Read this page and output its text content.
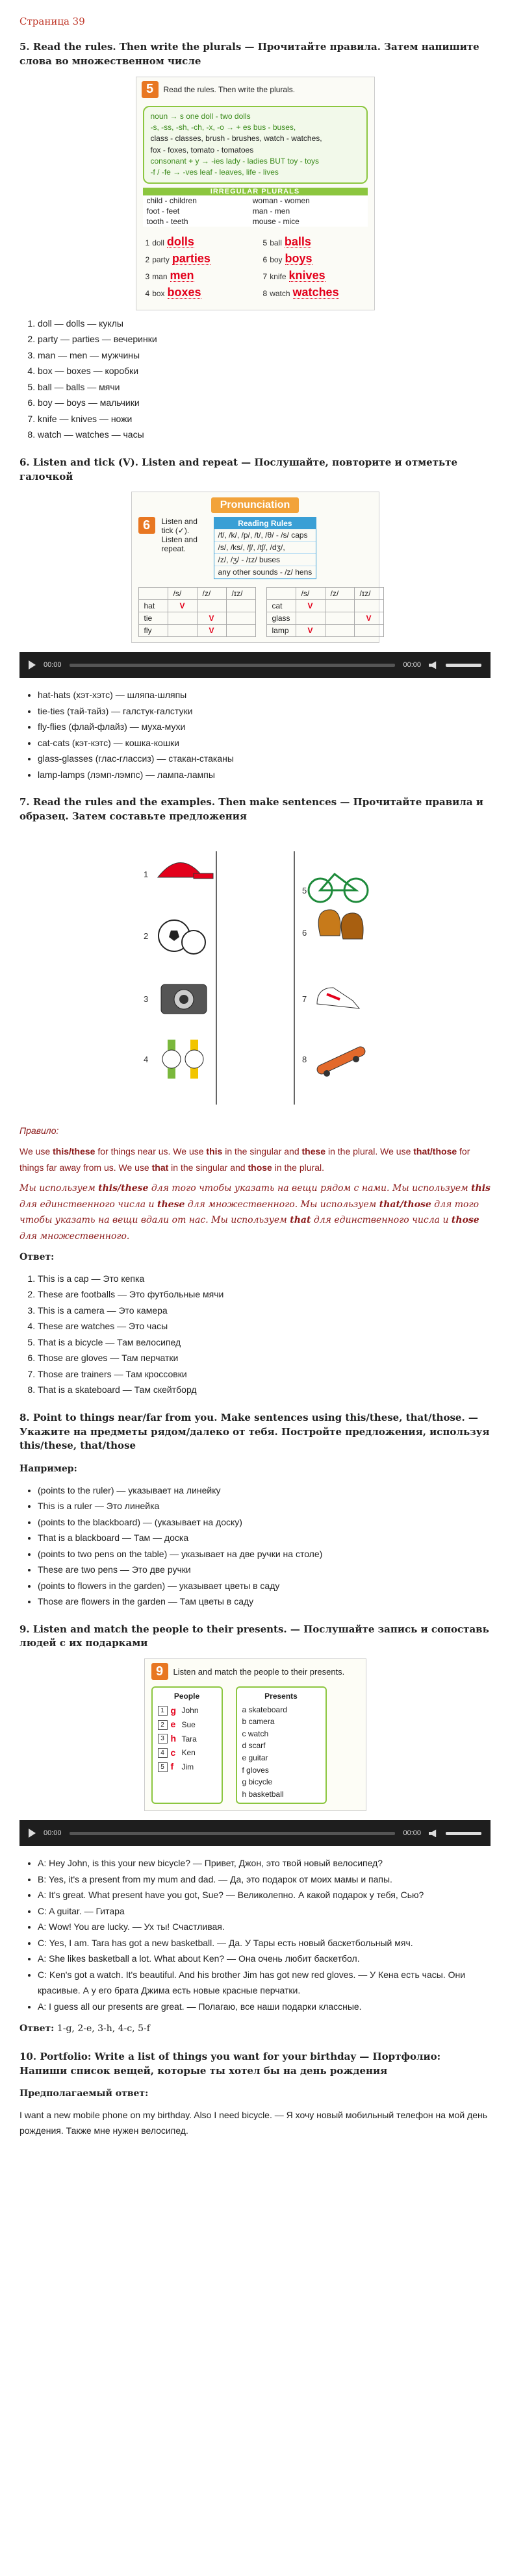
Страница 39
5. Read the rules. Then write the plurals — Прочитайте правила. Затем напишите слова во множественном числе
5	Read the rules. Then write the plurals.
noun → s one doll - two dolls
-s, -ss, -sh, -ch, -x, -o → + es bus - buses,
class - classes, brush - brushes, watch - watches,
fox - foxes, tomato - tomatoes
consonant + y → -ies lady - ladies BUT toy - toys
-f / -fe → -ves leaf - leaves, life - lives
IRREGULAR PLURALS
child - children	woman - women
foot - feet	man - men
tooth - teeth	mouse - mice
1 doll dolls	5 ball balls
2 party parties	6 boy boys
3 man men	7 knife knives
4 box boxes	8 watch watches
1. doll — dolls — куклы
2. party — parties — вечеринки
3. man — men — мужчины
4. box — boxes — коробки
5. ball — balls — мячи
6. boy — boys — мальчики
7. knife — knives — ножи
8. watch — watches — часы
6. Listen and tick (V). Listen and repeat — Послушайте, повторите и отметьте галочкой
Pronunciation
6	Listen and tick (✓). Listen and repeat.
Reading Rules
/f/, /k/, /p/, /t/, /θ/ - /s/ caps
/s/, /ks/, /ʃ/, /tʃ/, /dʒ/,
/z/, /ʒ/ - /ɪz/ buses
any other sounds - /z/ hens
	/s/	/z/	/ɪz/
hat	V		
tie		V	
fly		V	
	/s/	/z/	/ɪz/
cat	V		
glass			V
lamp	V		
00:00	00:00
• hat-hats (хэт-хэтс) — шляпа-шляпы
• tie-ties (тай-тайз) — галстук-галстуки
• fly-flies (флай-флайз) — муха-мухи
• cat-cats (кэт-кэтс) — кошка-кошки
• glass-glasses (глас-глассиз) — стакан-стаканы
• lamp-lamps (лэмп-лэмпс) — лампа-лампы
7. Read the rules and the examples. Then make sentences — Прочитайте правила и образец. Затем составьте предложения
1
2
3
4
5
6
7
8

Правило:

We use this/these for things near us. We use this in the singular and these in the plural. We use that/those for things far away from us. We use that in the singular and those in the plural.

Мы используем this/these для того чтобы указать на вещи рядом с нами. Мы используем this для единственного числа и these для множественного. Мы используем that/those для того чтобы указать на вещи вдали от нас. Мы используем that для единственного числа и those для множественного.

Ответ:

1. This is a cap — Это кепка
2. These are footballs — Это футбольные мячи
3. This is a camera — Это камера
4. These are watches — Это часы
5. That is a bicycle — Там велосипед
6. Those are gloves — Там перчатки
7. Those are trainers — Там кроссовки
8. That is a skateboard — Там скейтборд
8. Point to things near/far from you. Make sentences using this/these, that/those. — Укажите на предметы рядом/далеко от тебя. Постройте предложения, используя this/these, that/those

Например:

• (points to the ruler) — указывает на линейку
• This is a ruler — Это линейка
• (points to the blackboard) — (указывает на доску)
• That is a blackboard — Там — доска
• (points to two pens on the table) — указывает на две ручки на столе)
• These are two pens — Это две ручки
• (points to flowers in the garden) — указывает цветы в саду
• Those are flowers in the garden — Там цветы в саду
9. Listen and match the people to their presents. — Послушайте запись и сопоставь людей с их подарками
9	Listen and match the people to their presents.
People
1 g John
2 e Sue
3 h Tara
4 c Ken
5 f	Jim
Presents
a skateboard
b camera
c watch
d scarf
e guitar
f gloves
g bicycle
h basketball
00:00	00:00
• A: Hey John, is this your new bicycle? — Привет, Джон, это твой новый велосипед?
• B: Yes, it's a present from my mum and dad. — Да, это подарок от моих мамы и папы.
• A: It's great. What present have you got, Sue? — Великолепно. А какой подарок у тебя, Сью?
• C: A guitar. — Гитара
• A: Wow! You are lucky. — Ух ты! Счастливая.
• C: Yes, I am. Tara has got a new basketball. — Да. У Тары есть новый баскетбольный мяч.
• A: She likes basketball a lot. What about Ken? — Она очень любит баскетбол.
• C: Ken's got a watch. It's beautiful. And his brother Jim has got new red gloves. — У Кена есть часы. Они красивые. А у его брата Джима есть новые красные перчатки.
• A: I guess all our presents are great. — Полагаю, все наши подарки классные.

Ответ: 1-g, 2-e, 3-h, 4-c, 5-f

10. Portfolio: Write a list of things you want for your birthday — Портфолио: Напиши список вещей, которые ты хотел бы на день рождения

Предполагаемый ответ:

I want a new mobile phone on my birthday. Also I need bicycle. — Я хочу новый мобильный телефон на мой день рождения. Также мне нужен велосипед.
